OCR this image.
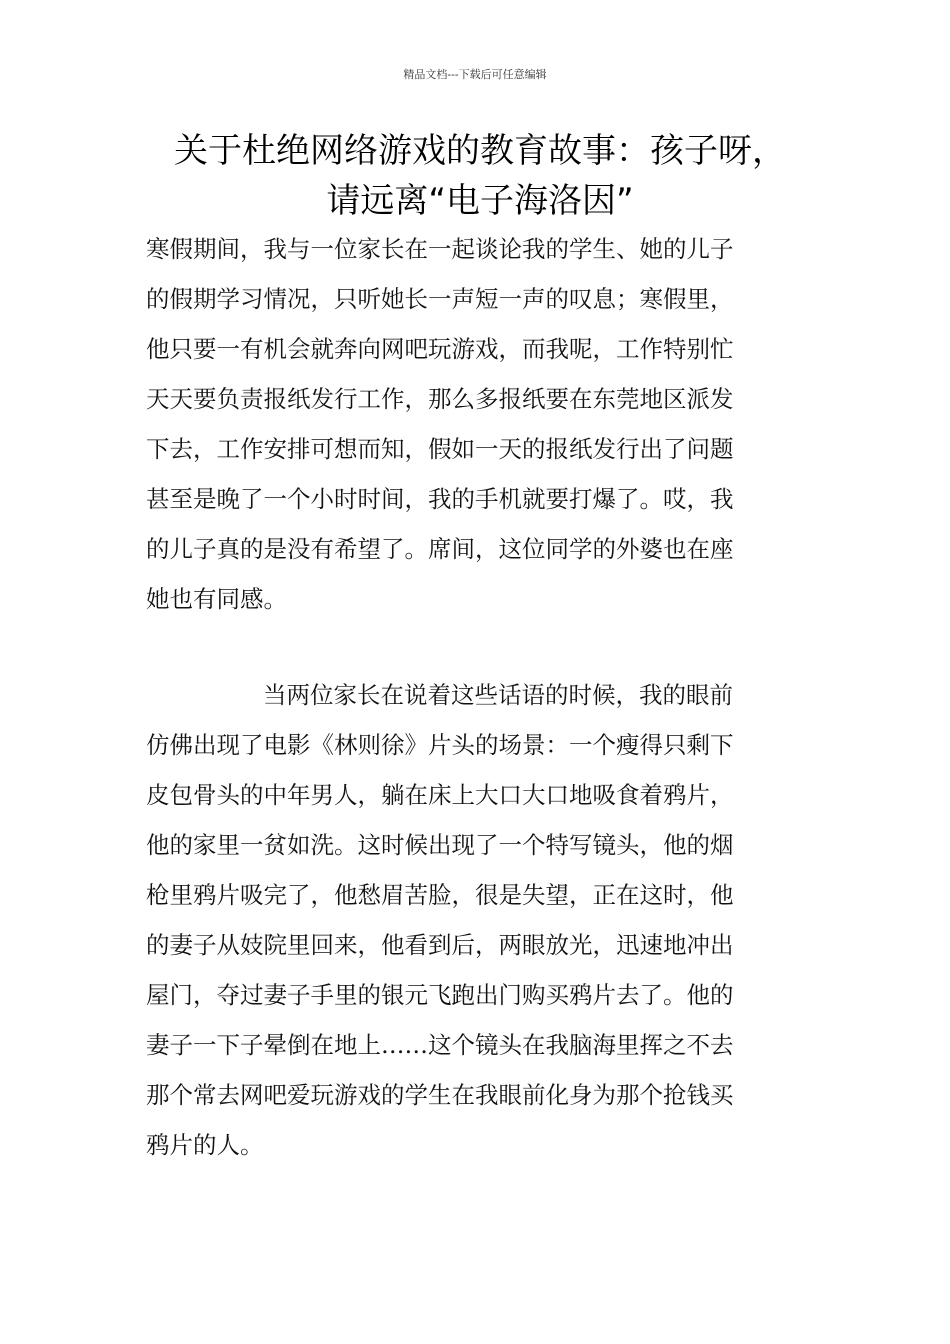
精品文档---下载后可任意编辑
关于杜绝网络游戏的教育故事：孩子呀，
请远离“电子海洛因”
寒假期间，我与一位家长在一起谈论我的学生、她的儿子
的假期学习情况，只听她长一声短一声的叹息；寒假里，
他只要一有机会就奔向网吧玩游戏，而我呢，工作特别忙
天天要负责报纸发行工作，那么多报纸要在东莞地区派发
下去，工作安排可想而知，假如一天的报纸发行出了问题
甚至是晚了一个小时时间，我的手机就要打爆了。哎，我
的儿子真的是没有希望了。席间，这位同学的外婆也在座
她也有同感。
当两位家长在说着这些话语的时候，我的眼前
仿佛出现了电影《林则徐》片头的场景：一个瘦得只剩下
皮包骨头的中年男人，躺在床上大口大口地吸食着鸦片，
他的家里一贫如洗。这时候出现了一个特写镜头，他的烟
枪里鸦片吸完了，他愁眉苦脸，很是失望，正在这时，他
的妻子从妓院里回来，他看到后，两眼放光，迅速地冲出
屋门，夺过妻子手里的银元飞跑出门购买鸦片去了。他的
妻子一下子晕倒在地上……这个镜头在我脑海里挥之不去
那个常去网吧爱玩游戏的学生在我眼前化身为那个抢钱买
鸦片的人。
